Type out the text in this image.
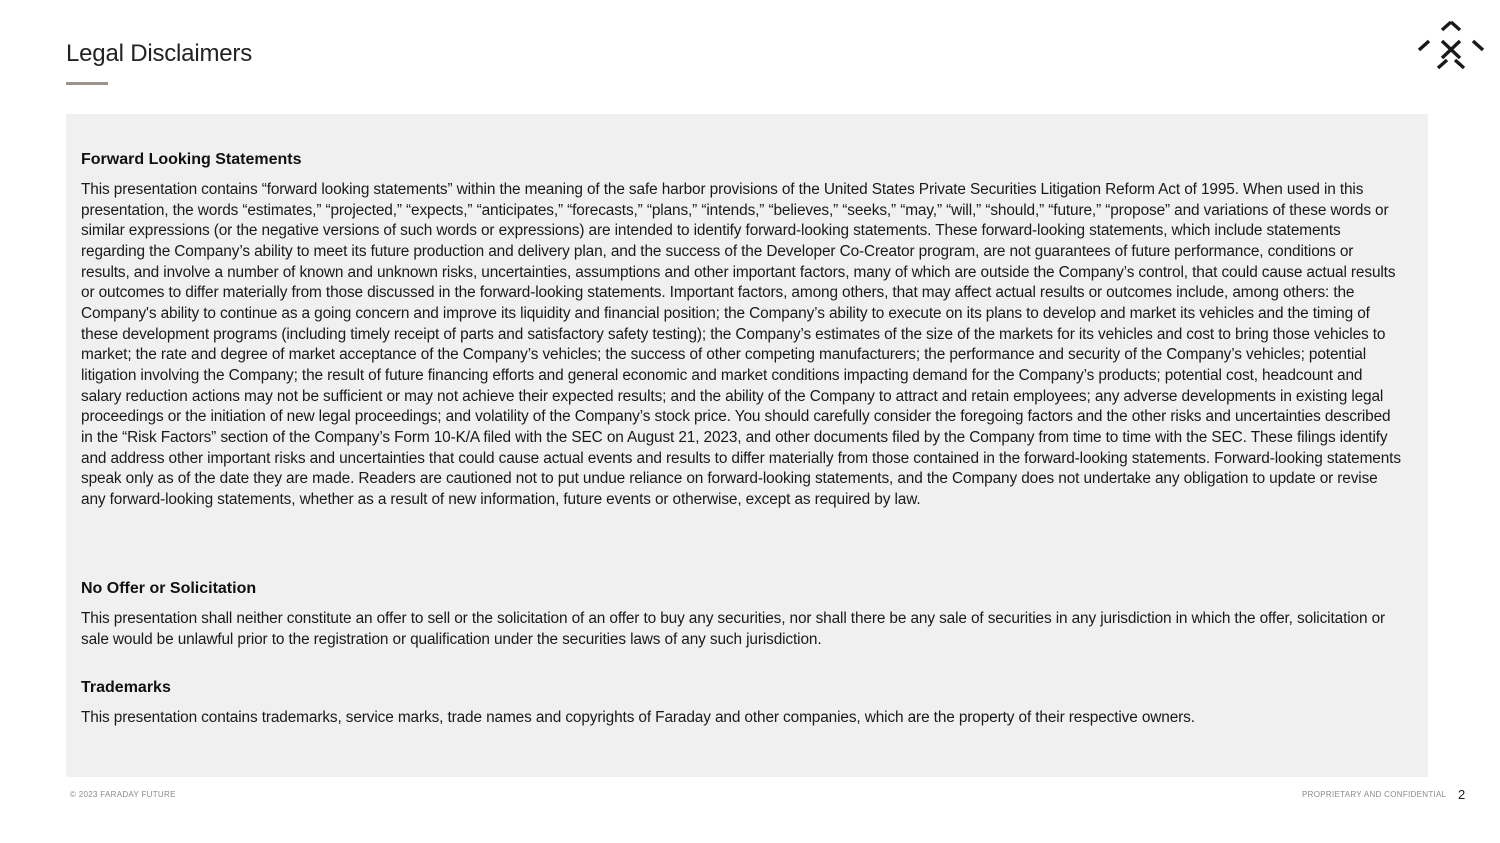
Legal Disclaimers
Forward Looking Statements

This presentation contains “forward looking statements” within the meaning of the safe harbor provisions of the United States Private Securities Litigation Reform Act of 1995. When used in this presentation, the words “estimates,” “projected,” “expects,” “anticipates,” “forecasts,” “plans,” “intends,” “believes,” “seeks,” “may,” “will,” “should,” “future,” “propose” and variations of these words or similar expressions (or the negative versions of such words or expressions) are intended to identify forward-looking statements. These forward-looking statements, which include statements regarding the Company’s ability to meet its future production and delivery plan, and the success of the Developer Co-Creator program, are not guarantees of future performance, conditions or results, and involve a number of known and unknown risks, uncertainties, assumptions and other important factors, many of which are outside the Company’s control, that could cause actual results or outcomes to differ materially from those discussed in the forward-looking statements. Important factors, among others, that may affect actual results or outcomes include, among others: the Company's ability to continue as a going concern and improve its liquidity and financial position; the Company’s ability to execute on its plans to develop and market its vehicles and the timing of these development programs (including timely receipt of parts and satisfactory safety testing); the Company’s estimates of the size of the markets for its vehicles and cost to bring those vehicles to market; the rate and degree of market acceptance of the Company’s vehicles; the success of other competing manufacturers; the performance and security of the Company’s vehicles; potential litigation involving the Company; the result of future financing efforts and general economic and market conditions impacting demand for the Company’s products; potential cost, headcount and salary reduction actions may not be sufficient or may not achieve their expected results; and the ability of the Company to attract and retain employees; any adverse developments in existing legal proceedings or the initiation of new legal proceedings; and volatility of the Company’s stock price. You should carefully consider the foregoing factors and the other risks and uncertainties described in the “Risk Factors” section of the Company’s Form 10-K/A filed with the SEC on August 21, 2023, and other documents filed by the Company from time to time with the SEC. These filings identify and address other important risks and uncertainties that could cause actual events and results to differ materially from those contained in the forward-looking statements. Forward-looking statements speak only as of the date they are made. Readers are cautioned not to put undue reliance on forward-looking statements, and the Company does not undertake any obligation to update or revise any forward-looking statements, whether as a result of new information, future events or otherwise, except as required by law.

No Offer or Solicitation

This presentation shall neither constitute an offer to sell or the solicitation of an offer to buy any securities, nor shall there be any sale of securities in any jurisdiction in which the offer, solicitation or sale would be unlawful prior to the registration or qualification under the securities laws of any such jurisdiction.

Trademarks

This presentation contains trademarks, service marks, trade names and copyrights of Faraday and other companies, which are the property of their respective owners.

© 2023 FARADAY FUTURE	PROPRIETARY AND CONFIDENTIAL 2
